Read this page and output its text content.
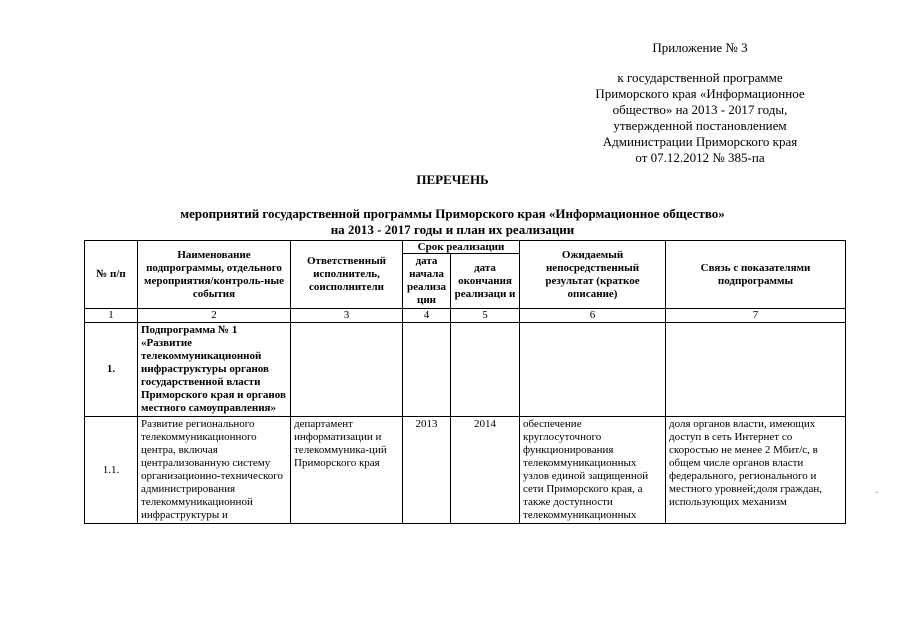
Приложение № 3
к государственной программе
Приморского края «Информационное
общество» на 2013 - 2017 годы,
утвержденной постановлением
Администрации Приморского края
от 07.12.2012 № 385-па
ПЕРЕЧЕНЬ
мероприятий государственной программы Приморского края «Информационное общество»
на 2013 - 2017 годы и план их реализации
№ п/п	Наименование подпрограммы, отдельного мероприятия/контроль-ные события	Ответственный исполнитель, соисполнители	Срок реализации		Ожидаемый непосредственный результат (краткое описание)	Связь с показателями подпрограммы
			дата начала реализа ции	дата окончания реализаци и		
1	2	3	4	5	6	7
1.	Подпрограмма № 1 «Развитие телекоммуникационной инфраструктуры органов государственной власти Приморского края и органов местного самоуправления»					
1.1.	Развитие регионального телекоммуникационного центра, включая централизованную систему организационно-технического администрирования телекоммуникационной инфраструктуры и	департамент информатизации и телекоммуника-ций Приморского края	2013	2014	обеспечение круглосуточного функционирования телекоммуникационных узлов единой защищенной сети Приморского края, а также доступности телекоммуникационных	доля органов власти, имеющих доступ в сеть Интернет со скоростью не менее 2 Мбит/с, в общем числе органов власти федерального, регионального и местного уровней;доля граждан, использующих механизм
·
